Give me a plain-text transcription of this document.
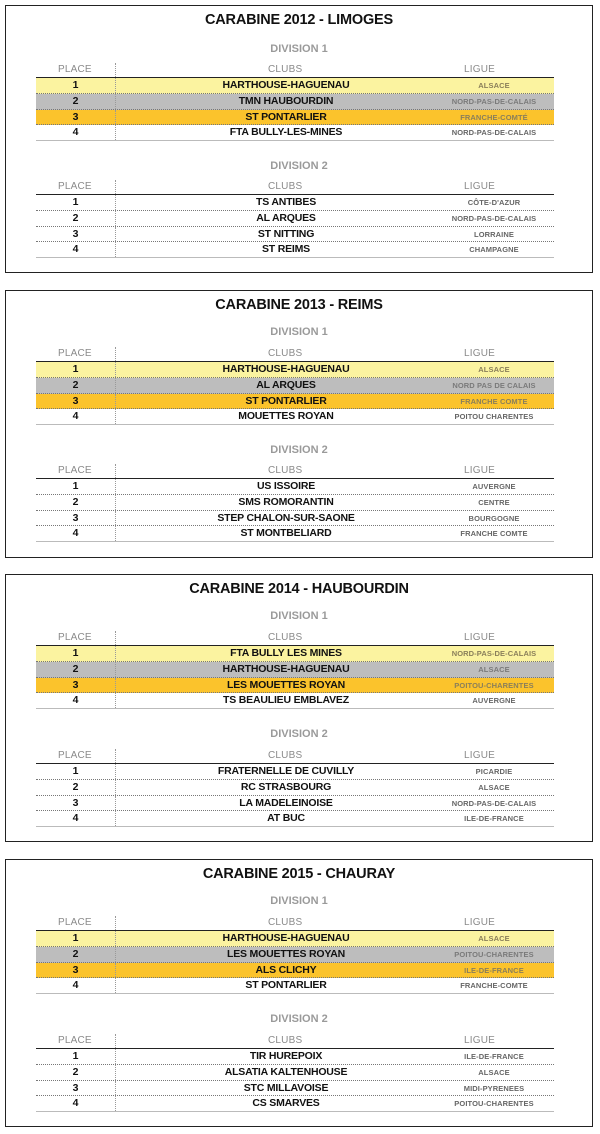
CARABINE 2012 - LIMOGES
DIVISION 1
PLACE	CLUBS	LIGUE
1	HARTHOUSE-HAGUENAU	ALSACE
2	TMN HAUBOURDIN	NORD-PAS-DE-CALAIS
3	ST PONTARLIER	FRANCHE-COMTÉ
4	FTA BULLY-LES-MINES	NORD-PAS-DE-CALAIS
DIVISION 2
PLACE	CLUBS	LIGUE
1	TS ANTIBES	CÔTE-D'AZUR
2	AL ARQUES	NORD-PAS-DE-CALAIS
3	ST NITTING	LORRAINE
4	ST REIMS	CHAMPAGNE
CARABINE 2013 - REIMS
DIVISION 1
PLACE	CLUBS	LIGUE
1	HARTHOUSE-HAGUENAU	ALSACE
2	AL ARQUES	NORD PAS DE CALAIS
3	ST PONTARLIER	FRANCHE COMTE
4	MOUETTES ROYAN	POITOU CHARENTES
DIVISION 2
PLACE	CLUBS	LIGUE
1	US ISSOIRE	AUVERGNE
2	SMS ROMORANTIN	CENTRE
3	STEP CHALON-SUR-SAONE	BOURGOGNE
4	ST MONTBELIARD	FRANCHE COMTE
CARABINE 2014 - HAUBOURDIN
DIVISION 1
PLACE	CLUBS	LIGUE
1	FTA BULLY LES MINES	NORD-PAS-DE-CALAIS
2	HARTHOUSE-HAGUENAU	ALSACE
3	LES MOUETTES ROYAN	POITOU-CHARENTES
4	TS BEAULIEU EMBLAVEZ	AUVERGNE
DIVISION 2
PLACE	CLUBS	LIGUE
1	FRATERNELLE DE CUVILLY	PICARDIE
2	RC STRASBOURG	ALSACE
3	LA MADELEINOISE	NORD-PAS-DE-CALAIS
4	AT BUC	ILE-DE-FRANCE
CARABINE 2015 - CHAURAY
DIVISION 1
PLACE	CLUBS	LIGUE
1	HARTHOUSE-HAGUENAU	ALSACE
2	LES MOUETTES ROYAN	POITOU-CHARENTES
3	ALS CLICHY	ILE-DE-FRANCE
4	ST PONTARLIER	FRANCHE-COMTE
DIVISION 2
PLACE	CLUBS	LIGUE
1	TIR HUREPOIX	ILE-DE-FRANCE
2	ALSATIA KALTENHOUSE	ALSACE
3	STC MILLAVOISE	MIDI-PYRENEES
4	CS SMARVES	POITOU-CHARENTES
